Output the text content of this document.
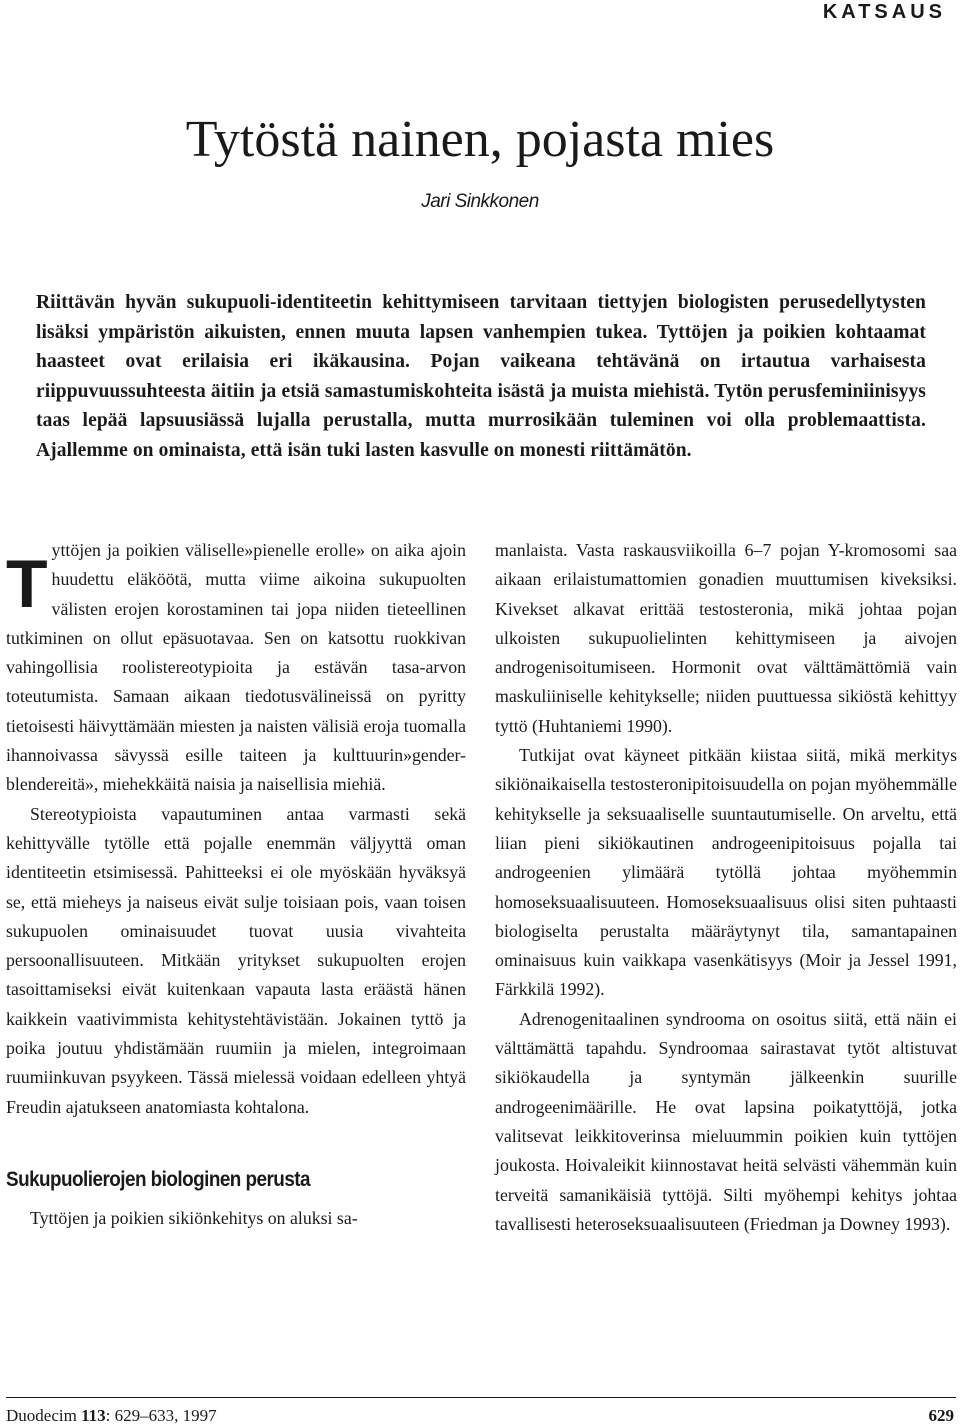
KATSAUS
Tytöstä nainen, pojasta mies
Jari Sinkkonen

Riittävän hyvän sukupuoli-identiteetin kehittymiseen tarvitaan tiettyjen biologisten perusedellytysten lisäksi ympäristön aikuisten, ennen muuta lapsen vanhempien tukea. Tyttöjen ja poikien kohtaamat haasteet ovat erilaisia eri ikäkausina. Pojan vaikeana tehtävänä on irtautua varhaisesta riippuvuussuhteesta äitiin ja etsiä samastumiskohteita isästä ja muista miehistä. Tytön perusfeminiinisyys taas lepää lapsuusiässä lujalla perustalla, mutta murrosikään tuleminen voi olla problemaattista. Ajallemme on ominaista, että isän tuki lasten kasvulle on monesti riittämätön.

Tyttöjen ja poikien väliselle»pienelle erolle» on aika ajoin huudettu eläköötä, mutta viime aikoina sukupuolten välisten erojen korostaminen tai jopa niiden tieteellinen tutkiminen on ollut epäsuotavaa. Sen on katsottu ruokkivan vahingollisia roolistereotypioita ja estävän tasa-arvon toteutumista. Samaan aikaan tiedotusvälineissä on pyritty tietoisesti häivyttämään miesten ja naisten välisiä eroja tuomalla ihannoivassa sävyssä esille taiteen ja kulttuurin»gender-blendereitä», miehekkäitä naisia ja naisellisia miehiä.

Stereotypioista vapautuminen antaa varmasti sekä kehittyvälle tytölle että pojalle enemmän väljyyttä oman identiteetin etsimisessä. Pahitteeksi ei ole myöskään hyväksyä se, että mieheys ja naiseus eivät sulje toisiaan pois, vaan toisen sukupuolen ominaisuudet tuovat uusia vivahteita persoonallisuuteen. Mitkään yritykset sukupuolten erojen tasoittamiseksi eivät kuitenkaan vapauta lasta eräästä hänen kaikkein vaativimmista kehitystehtävistään. Jokainen tyttö ja poika joutuu yhdistämään ruumiin ja mielen, integroimaan ruumiinkuvan psyykeen. Tässä mielessä voidaan edelleen yhtyä Freudin ajatukseen anatomiasta kohtalona.

Sukupuolierojen biologinen perusta

Tyttöjen ja poikien sikiönkehitys on aluksi sa-

manlaista. Vasta raskausviikoilla 6–7 pojan Y-kromosomi saa aikaan erilaistumattomien gonadien muuttumisen kiveksiksi. Kivekset alkavat erittää testosteronia, mikä johtaa pojan ulkoisten sukupuolielinten kehittymiseen ja aivojen androgenisoitumiseen. Hormonit ovat välttämättömiä vain maskuliiniselle kehitykselle; niiden puuttuessa sikiöstä kehittyy tyttö (Huhtaniemi 1990).

Tutkijat ovat käyneet pitkään kiistaa siitä, mikä merkitys sikiönaikaisella testosteronipitoisuudella on pojan myöhemmälle kehitykselle ja seksuaaliselle suuntautumiselle. On arveltu, että liian pieni sikiökautinen androgeenipitoisuus pojalla tai androgeenien ylimäärä tytöllä johtaa myöhemmin homoseksuaalisuuteen. Homoseksuaalisuus olisi siten puhtaasti biologiselta perustalta määräytynyt tila, samantapainen ominaisuus kuin vaikkapa vasenkätisyys (Moir ja Jessel 1991, Färkkilä 1992).

Adrenogenitaalinen syndrooma on osoitus siitä, että näin ei välttämättä tapahdu. Syndroomaa sairastavat tytöt altistuvat sikiökaudella ja syntymän jälkeenkin suurille androgeenimäärille. He ovat lapsina poikatyttöjä, jotka valitsevat leikkitoverinsa mieluummin poikien kuin tyttöjen joukosta. Hoivaleikit kiinnostavat heitä selvästi vähemmän kuin terveitä samanikäisiä tyttöjä. Silti myöhempi kehitys johtaa tavallisesti heteroseksuaalisuuteen (Friedman ja Downey 1993).

Duodecim 113: 629–633, 1997	629
